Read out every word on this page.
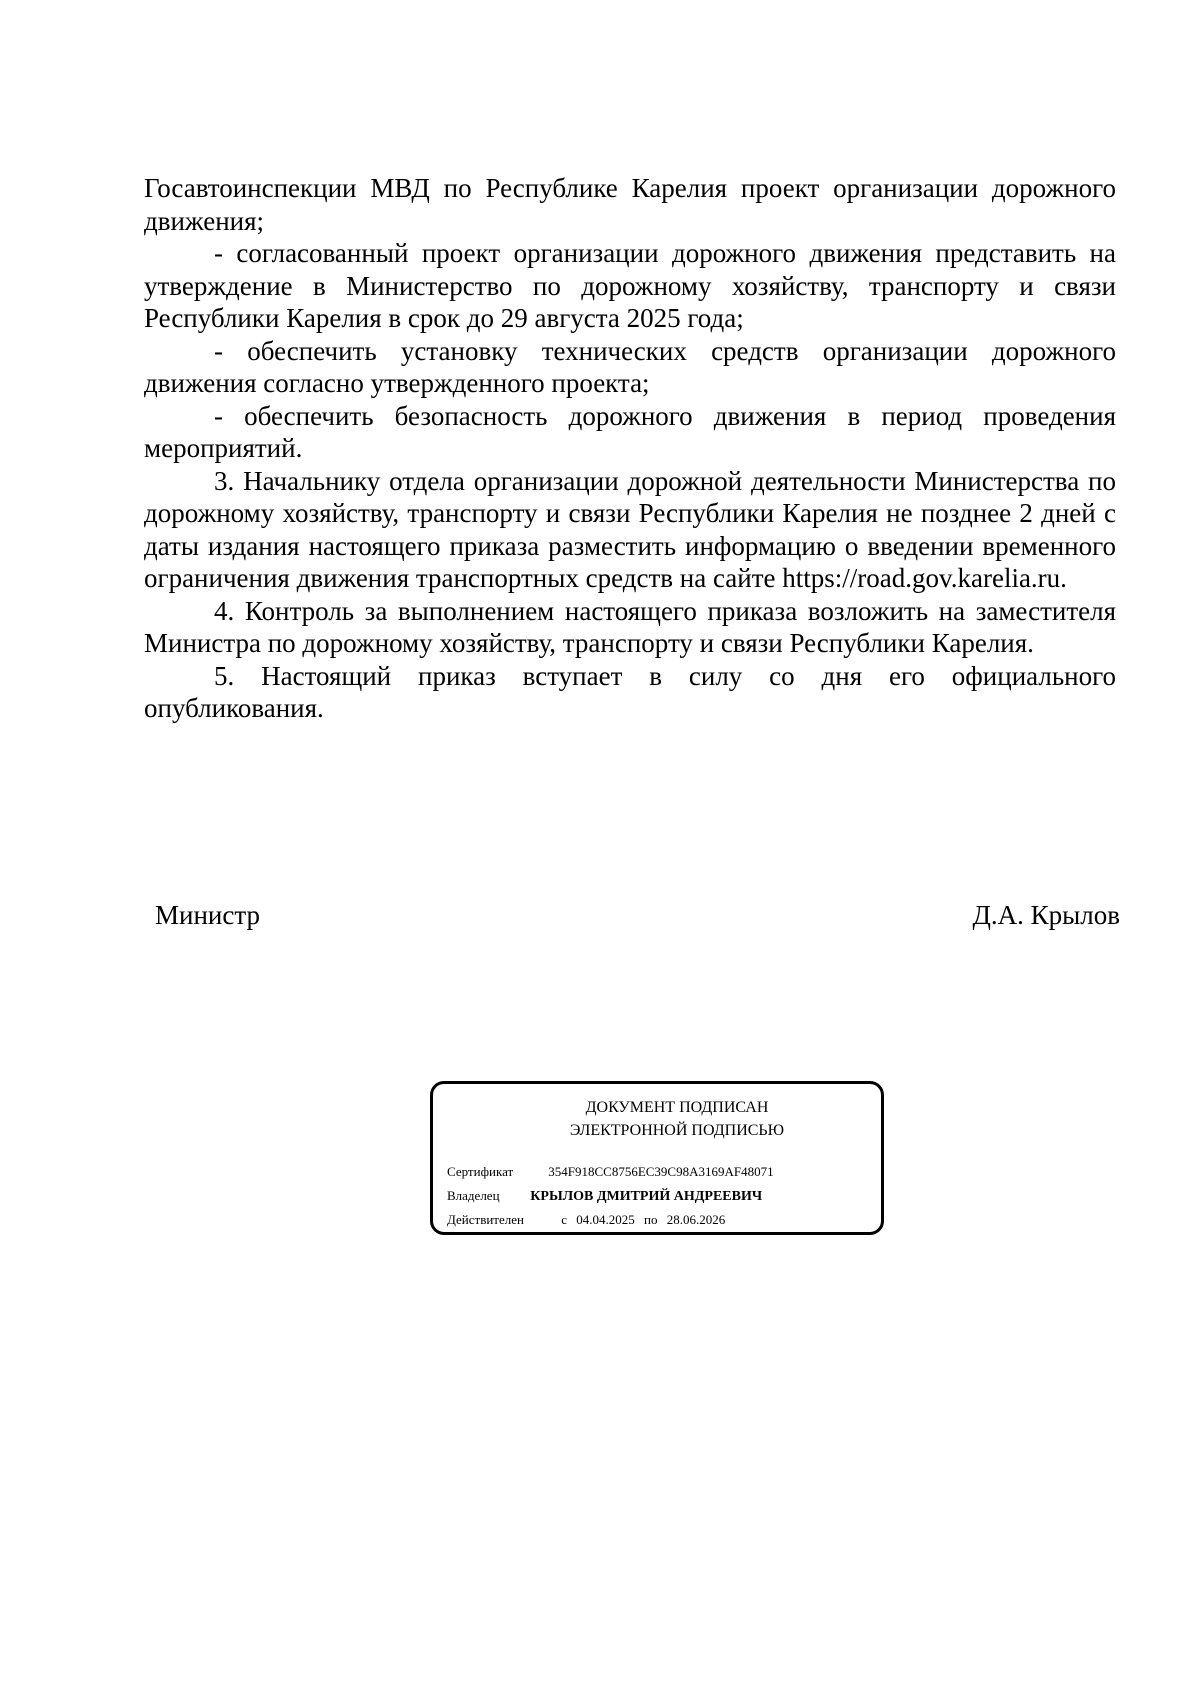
Госавтоинспекции МВД по Республике Карелия проект организации дорожного движения;

- согласованный проект организации дорожного движения представить на утверждение в Министерство по дорожному хозяйству, транспорту и связи Республики Карелия в срок до 29 августа 2025 года;

- обеспечить установку технических средств организации дорожного движения согласно утвержденного проекта;

- обеспечить безопасность дорожного движения в период проведения мероприятий.

3. Начальнику отдела организации дорожной деятельности Министерства по дорожному хозяйству, транспорту и связи Республики Карелия не позднее 2 дней с даты издания настоящего приказа разместить информацию о введении временного ограничения движения транспортных средств на сайте https://road.gov.karelia.ru.

4. Контроль за выполнением настоящего приказа возложить на заместителя Министра по дорожному хозяйству, транспорту и связи Республики Карелия.

5. Настоящий приказ вступает в силу со дня его официального опубликования.

Министр	Д.А. Крылов
ДОКУМЕНТ ПОДПИСАН
ЭЛЕКТРОННОЙ ПОДПИСЬЮ
Сертификат	354F918CC8756EC39C98A3169AF48071
Владелец КРЫЛОВ ДМИТРИЙ АНДРЕЕВИЧ
Действителен	с 04.04.2025 по 28.06.2026
